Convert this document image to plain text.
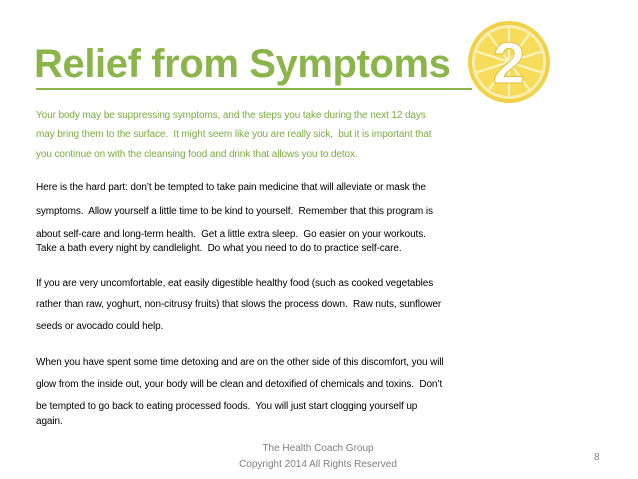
Relief from Symptoms 2
Your body may be suppressing symptoms, and the steps you take during the next 12 days
may bring them to the surface.  It might seem like you are really sick,  but it is important that
you continue on with the cleansing food and drink that allows you to detox.
Here is the hard part: don’t be tempted to take pain medicine that will alleviate or mask the
symptoms.  Allow yourself a little time to be kind to yourself.  Remember that this program is
about self-care and long-term health.  Get a little extra sleep.  Go easier on your workouts.
Take a bath every night by candlelight.  Do what you need to do to practice self-care.
If you are very uncomfortable, eat easily digestible healthy food (such as cooked vegetables
rather than raw, yoghurt, non-citrusy fruits) that slows the process down.  Raw nuts, sunflower
seeds or avocado could help.
When you have spent some time detoxing and are on the other side of this discomfort, you will
glow from the inside out, your body will be clean and detoxified of chemicals and toxins.  Don’t
be tempted to go back to eating processed foods.  You will just start clogging yourself up
again.
The Health Coach Group
Copyright 2014 All Rights Reserved
8
